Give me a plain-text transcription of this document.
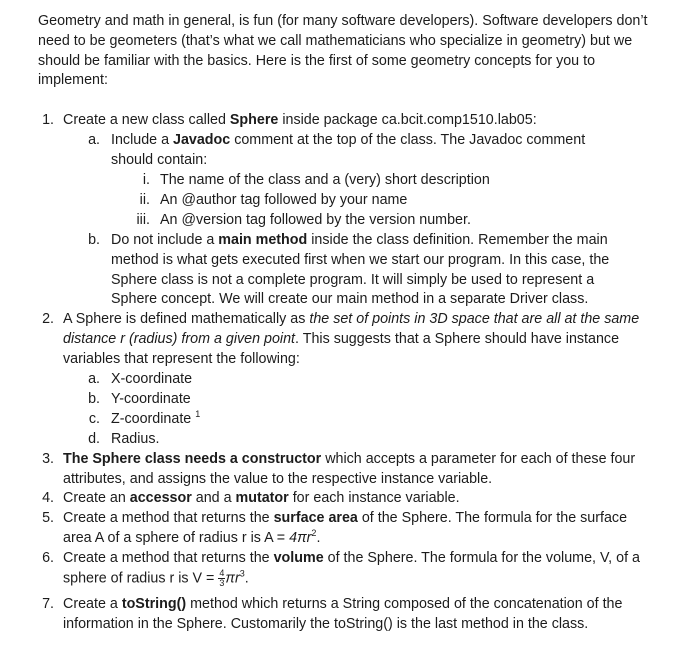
Geometry and math in general, is fun (for many software developers). Software developers don’t need to be geometers (that’s what we call mathematicians who specialize in geometry) but we should be familiar with the basics. Here is the first of some geometry concepts for you to implement:
1. Create a new class called Sphere inside package ca.bcit.comp1510.lab05:
a. Include a Javadoc comment at the top of the class. The Javadoc comment should contain:
i. The name of the class and a (very) short description
ii. An @author tag followed by your name
iii. An @version tag followed by the version number.
b. Do not include a main method inside the class definition. Remember the main method is what gets executed first when we start our program. In this case, the Sphere class is not a complete program. It will simply be used to represent a Sphere concept. We will create our main method in a separate Driver class.
2. A Sphere is defined mathematically as the set of points in 3D space that are all at the same distance r (radius) from a given point. This suggests that a Sphere should have instance variables that represent the following:
a. X-coordinate
b. Y-coordinate
c. Z-coordinate $^1$
d. Radius.
3. The Sphere class needs a constructor which accepts a parameter for each of these four attributes, and assigns the value to the respective instance variable.
4. Create an accessor and a mutator for each instance variable.
5. Create a method that returns the surface area of the Sphere. The formula for the surface area A of a sphere of radius r is $A = 4\pi r^2$.
6. Create a method that returns the volume of the Sphere. The formula for the volume, V, of a sphere of radius r is $V = \frac{4}{3} \pi r^3$.
7. Create a toString() method which returns a String composed of the concatenation of the information in the Sphere. Customarily the toString() is the last method in the class.
